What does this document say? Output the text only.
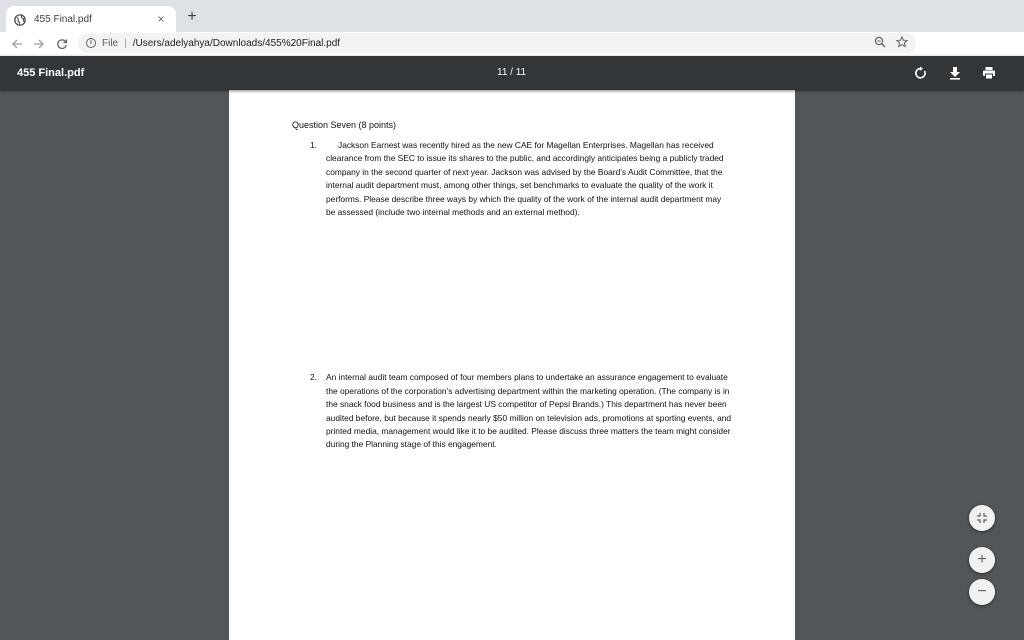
455 Final.pdf	× +
i	File | /Users/adelyahya/Downloads/455%20Final.pdf
455 Final.pdf	11 / 11
Question Seven (8 points)
1.	Jackson Earnest was recently hired as the new CAE for Magellan Enterprises. Magellan has received clearance from the SEC to issue its shares to the public, and accordingly anticipates being a publicly traded company in the second quarter of next year. Jackson was advised by the Board’s Audit Committee, that the internal audit department must, among other things, set benchmarks to evaluate the quality of the work it performs. Please describe three ways by which the quality of the work of the internal audit department may be assessed (include two internal methods and an external method).
2. An internal audit team composed of four members plans to undertake an assurance engagement to evaluate the operations of the corporation’s advertising department within the marketing operation. (The company is in the snack food business and is the largest US competitor of Pepsi Brands.) This department has never been audited before, but because it spends nearly $50 million on television ads, promotions at sporting events, and printed media, management would like it to be audited. Please discuss three matters the team might consider during the Planning stage of this engagement.
+
−
